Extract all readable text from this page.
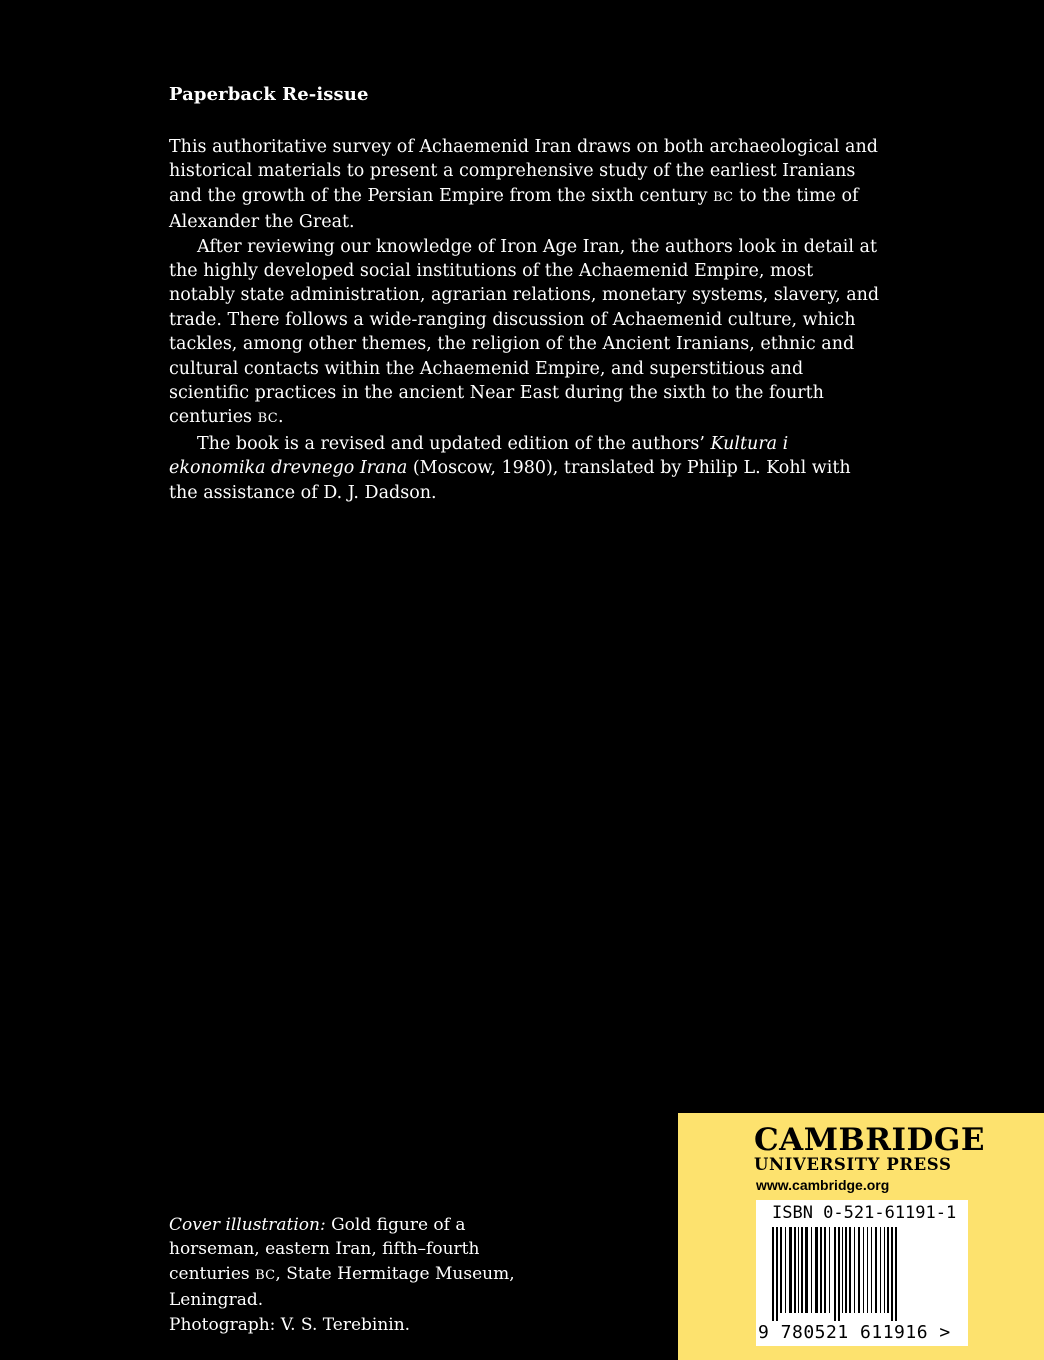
Paperback Re-issue

This authoritative survey of Achaemenid Iran draws on both archaeological and historical materials to present a comprehensive study of the earliest Iranians and the growth of the Persian Empire from the sixth century BC to the time of Alexander the Great.

After reviewing our knowledge of Iron Age Iran, the authors look in detail at the highly developed social institutions of the Achaemenid Empire, most notably state administration, agrarian relations, monetary systems, slavery, and trade. There follows a wide-ranging discussion of Achaemenid culture, which tackles, among other themes, the religion of the Ancient Iranians, ethnic and cultural contacts within the Achaemenid Empire, and superstitious and scientific practices in the ancient Near East during the sixth to the fourth centuries BC.

The book is a revised and updated edition of the authors’ Kultura i ekonomika drevnego Irana (Moscow, 1980), translated by Philip L. Kohl with the assistance of D. J. Dadson.

Cover illustration: Gold figure of a horseman, eastern Iran, fifth–fourth centuries BC, State Hermitage Museum, Leningrad.

Photograph: V. S. Terebinin.

CAMBRIDGE
UNIVERSITY PRESS
www.cambridge.org
ISBN 0-521-61191-1
9 780521 611916 >
